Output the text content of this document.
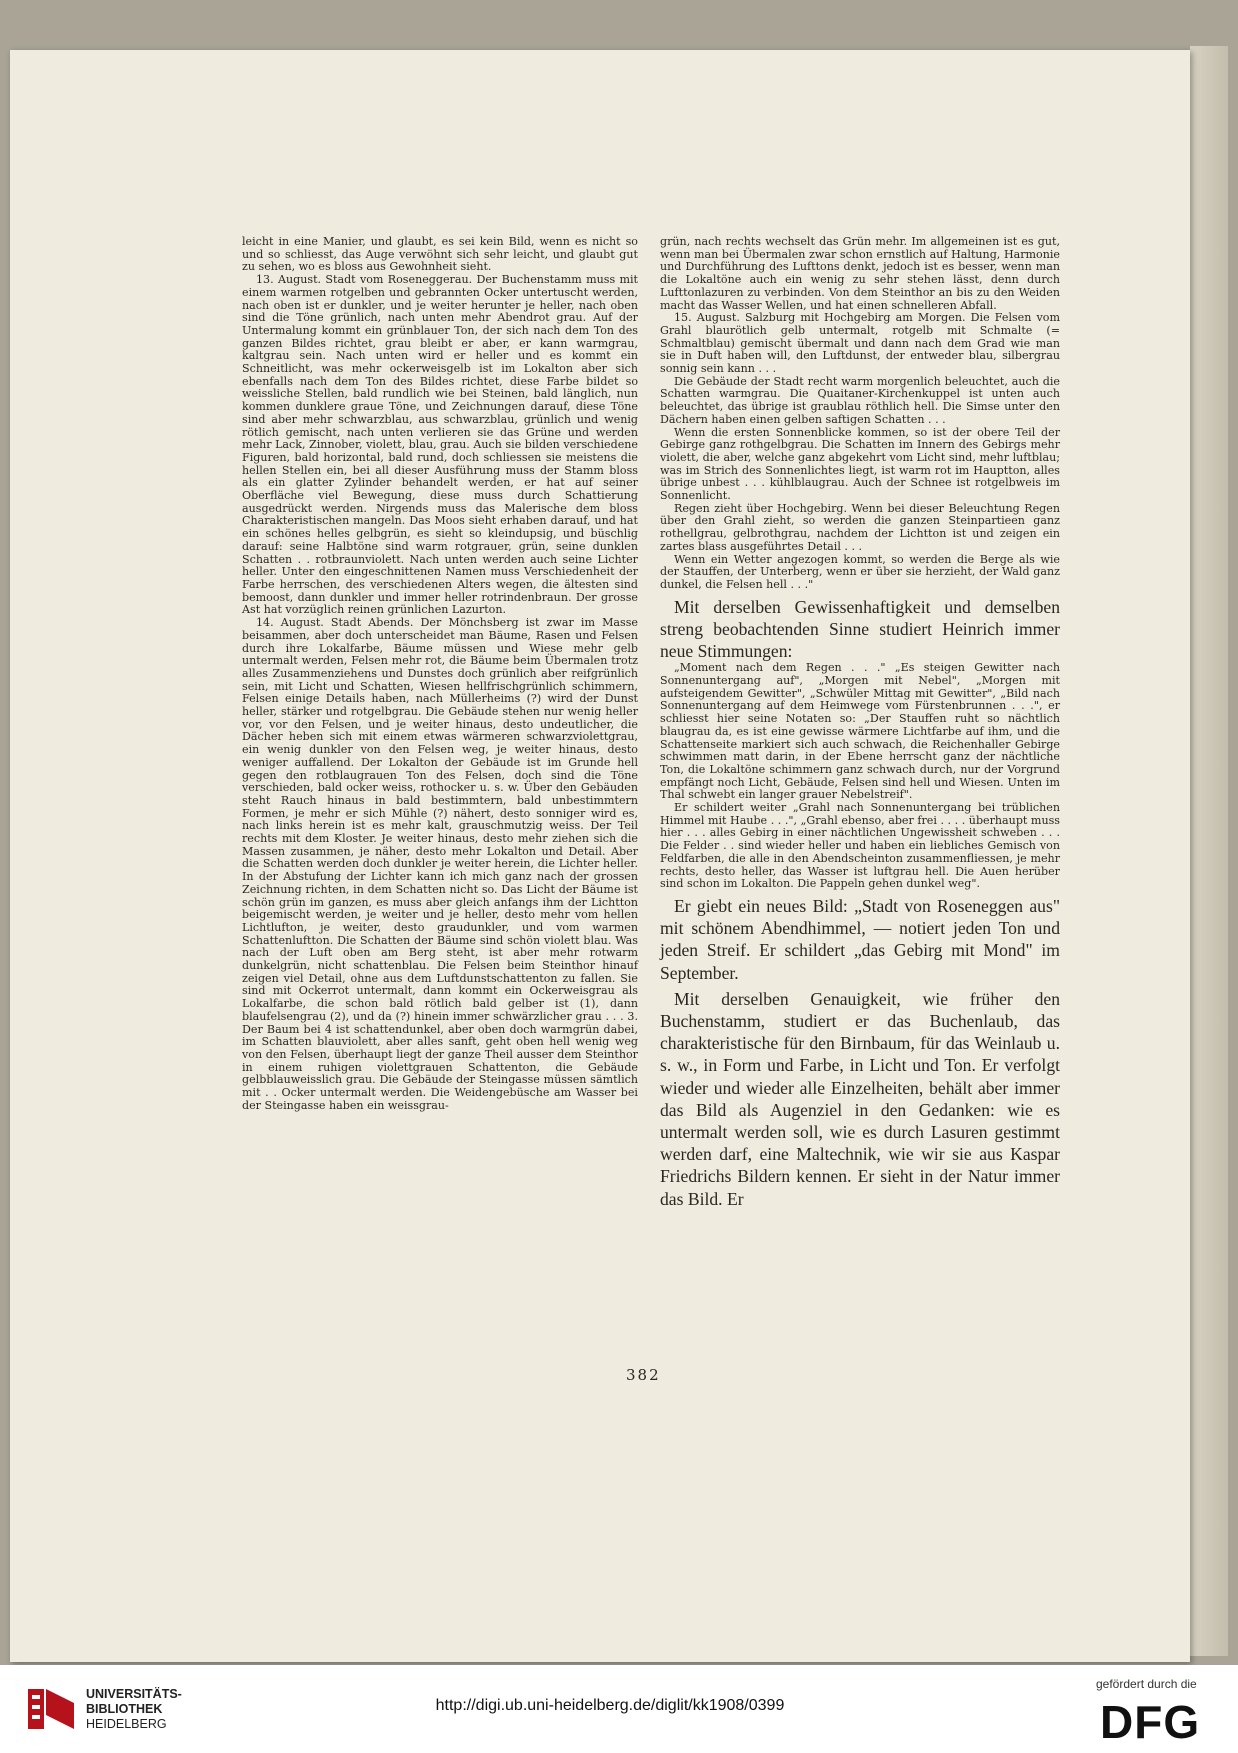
leicht in eine Manier, und glaubt, es sei kein Bild, wenn es nicht so und so schliesst, das Auge verwöhnt sich sehr leicht, und glaubt gut zu sehen, wo es bloss aus Gewohnheit sieht.

13. August. Stadt vom Roseneggerau. Der Buchenstamm muss mit einem warmen rotgelben und gebrannten Ocker untertuscht werden, nach oben ist er dunkler, und je weiter herunter je heller, nach oben sind die Töne grünlich, nach unten mehr Abendrot grau. Auf der Untermalung kommt ein grünblauer Ton, der sich nach dem Ton des ganzen Bildes richtet, grau bleibt er aber, er kann warmgrau, kaltgrau sein. Nach unten wird er heller und es kommt ein Schneitlicht, was mehr ockerweisgelb ist im Lokalton aber sich ebenfalls nach dem Ton des Bildes richtet, diese Farbe bildet so weissliche Stellen, bald rundlich wie bei Steinen, bald länglich, nun kommen dunklere graue Töne, und Zeichnungen darauf, diese Töne sind aber mehr schwarzblau, aus schwarzblau, grünlich und wenig rötlich gemischt, nach unten verlieren sie das Grüne und werden mehr Lack, Zinnober, violett, blau, grau. Auch sie bilden verschiedene Figuren, bald horizontal, bald rund, doch schliessen sie meistens die hellen Stellen ein, bei all dieser Ausführung muss der Stamm bloss als ein glatter Zylinder behandelt werden, er hat auf seiner Oberfläche viel Bewegung, diese muss durch Schattierung ausgedrückt werden. Nirgends muss das Malerische dem bloss Charakteristischen mangeln. Das Moos sieht erhaben darauf, und hat ein schönes helles gelbgrün, es sieht so kleindupsig, und büschlig darauf: seine Halbtöne sind warm rotgrauer, grün, seine dunklen Schatten . . rotbraunviolett. Nach unten werden auch seine Lichter heller. Unter den eingeschnittenen Namen muss Verschiedenheit der Farbe herrschen, des verschiedenen Alters wegen, die ältesten sind bemoost, dann dunkler und immer heller rotrindenbraun. Der grosse Ast hat vorzüglich reinen grünlichen Lazurton.

14. August. Stadt Abends. Der Mönchsberg ist zwar im Masse beisammen, aber doch unterscheidet man Bäume, Rasen und Felsen durch ihre Lokalfarbe, Bäume müssen und Wiese mehr gelb untermalt werden, Felsen mehr rot, die Bäume beim Übermalen trotz alles Zusammenziehens und Dunstes doch grünlich aber reifgrünlich sein, mit Licht und Schatten, Wiesen hellfrischgrünlich schimmern, Felsen einige Details haben, nach Müllerheims (?) wird der Dunst heller, stärker und rotgelbgrau. Die Gebäude stehen nur wenig heller vor, vor den Felsen, und je weiter hinaus, desto undeutlicher, die Dächer heben sich mit einem etwas wärmeren schwarzviolettgrau, ein wenig dunkler von den Felsen weg, je weiter hinaus, desto weniger auffallend. Der Lokalton der Gebäude ist im Grunde hell gegen den rotblaugrauen Ton des Felsen, doch sind die Töne verschieden, bald ocker weiss, rothocker u. s. w. Über den Gebäuden steht Rauch hinaus in bald bestimmtern, bald unbestimmtern Formen, je mehr er sich Mühle (?) nähert, desto sonniger wird es, nach links herein ist es mehr kalt, grauschmutzig weiss. Der Teil rechts mit dem Kloster. Je weiter hinaus, desto mehr ziehen sich die Massen zusammen, je näher, desto mehr Lokalton und Detail. Aber die Schatten werden doch dunkler je weiter herein, die Lichter heller. In der Abstufung der Lichter kann ich mich ganz nach der grossen Zeichnung richten, in dem Schatten nicht so. Das Licht der Bäume ist schön grün im ganzen, es muss aber gleich anfangs ihm der Lichtton beigemischt werden, je weiter und je heller, desto mehr vom hellen Lichtlufton, je weiter, desto graudunkler, und vom warmen Schattenluftton. Die Schatten der Bäume sind schön violett blau. Was nach der Luft oben am Berg steht, ist aber mehr rotwarm dunkelgrün, nicht schattenblau. Die Felsen beim Steinthor hinauf zeigen viel Detail, ohne aus dem Luftdunstschattenton zu fallen. Sie sind mit Ockerrot untermalt, dann kommt ein Ockerweisgrau als Lokalfarbe, die schon bald rötlich bald gelber ist (1), dann blaufelsengrau (2), und da (?) hinein immer schwärzlicher grau . . . 3. Der Baum bei 4 ist schattendunkel, aber oben doch warmgrün dabei, im Schatten blauviolett, aber alles sanft, geht oben hell wenig weg von den Felsen, überhaupt liegt der ganze Theil ausser dem Steinthor in einem ruhigen violettgrauen Schattenton, die Gebäude gelbblauweisslich grau. Die Gebäude der Steingasse müssen sämtlich mit . . Ocker untermalt werden. Die Weidengebüsche am Wasser bei der Steingasse haben ein weissgrau-

grün, nach rechts wechselt das Grün mehr. Im allgemeinen ist es gut, wenn man bei Übermalen zwar schon ernstlich auf Haltung, Harmonie und Durchführung des Lufttons denkt, jedoch ist es besser, wenn man die Lokaltöne auch ein wenig zu sehr stehen lässt, denn durch Lufttonlazuren zu verbinden. Von dem Steinthor an bis zu den Weiden macht das Wasser Wellen, und hat einen schnelleren Abfall.

15. August. Salzburg mit Hochgebirg am Morgen. Die Felsen vom Grahl blaurötlich gelb untermalt, rotgelb mit Schmalte (= Schmaltblau) gemischt übermalt und dann nach dem Grad wie man sie in Duft haben will, den Luftdunst, der entweder blau, silbergrau sonnig sein kann . . .

Die Gebäude der Stadt recht warm morgenlich beleuchtet, auch die Schatten warmgrau. Die Quaitaner-Kirchenkuppel ist unten auch beleuchtet, das übrige ist graublau röthlich hell. Die Simse unter den Dächern haben einen gelben saftigen Schatten . . .

Wenn die ersten Sonnenblicke kommen, so ist der obere Teil der Gebirge ganz rothgelbgrau. Die Schatten im Innern des Gebirgs mehr violett, die aber, welche ganz abgekehrt vom Licht sind, mehr luftblau; was im Strich des Sonnenlichtes liegt, ist warm rot im Hauptton, alles übrige unbest . . . kühlblaugrau. Auch der Schnee ist rotgelbweis im Sonnenlicht.

Regen zieht über Hochgebirg. Wenn bei dieser Beleuchtung Regen über den Grahl zieht, so werden die ganzen Steinpartieen ganz rothellgrau, gelbrothgrau, nachdem der Lichtton ist und zeigen ein zartes blass ausgeführtes Detail . . .

Wenn ein Wetter angezogen kommt, so werden die Berge als wie der Stauffen, der Unterberg, wenn er über sie herzieht, der Wald ganz dunkel, die Felsen hell . . ."

Mit derselben Gewissenhaftigkeit und demselben streng beobachtenden Sinne studiert Heinrich immer neue Stimmungen:

„Moment nach dem Regen . . ." „Es steigen Gewitter nach Sonnenuntergang auf", „Morgen mit Nebel", „Morgen mit aufsteigendem Gewitter", „Schwüler Mittag mit Gewitter", „Bild nach Sonnenuntergang auf dem Heimwege vom Fürstenbrunnen . . .", er schliesst hier seine Notaten so: „Der Stauffen ruht so nächtlich blaugrau da, es ist eine gewisse wärmere Lichtfarbe auf ihm, und die Schattenseite markiert sich auch schwach, die Reichenhaller Gebirge schwimmen matt darin, in der Ebene herrscht ganz der nächtliche Ton, die Lokaltöne schimmern ganz schwach durch, nur der Vorgrund empfängt noch Licht, Gebäude, Felsen sind hell und Wiesen. Unten im Thal schwebt ein langer grauer Nebelstreif".

Er schildert weiter „Grahl nach Sonnenuntergang bei trüblichen Himmel mit Haube . . .", „Grahl ebenso, aber frei . . . . überhaupt muss hier . . . alles Gebirg in einer nächtlichen Ungewissheit schweben . . . Die Felder . . sind wieder heller und haben ein liebliches Gemisch von Feldfarben, die alle in den Abendscheinton zusammenfliessen, je mehr rechts, desto heller, das Wasser ist luftgrau hell. Die Auen herüber sind schon im Lokalton. Die Pappeln gehen dunkel weg".

Er giebt ein neues Bild: „Stadt von Roseneggen aus" mit schönem Abendhimmel, — notiert jeden Ton und jeden Streif. Er schildert „das Gebirg mit Mond" im September.

Mit derselben Genauigkeit, wie früher den Buchenstamm, studiert er das Buchenlaub, das charakteristische für den Birnbaum, für das Weinlaub u. s. w., in Form und Farbe, in Licht und Ton. Er verfolgt wieder und wieder alle Einzelheiten, behält aber immer das Bild als Augenziel in den Gedanken: wie es untermalt werden soll, wie es durch Lasuren gestimmt werden darf, eine Maltechnik, wie wir sie aus Kaspar Friedrichs Bildern kennen. Er sieht in der Natur immer das Bild. Er

382
UNIVERSITÄTS-
BIBLIOTHEK
HEIDELBERG
http://digi.ub.uni-heidelberg.de/diglit/kk1908/0399
gefördert durch die
DFG
